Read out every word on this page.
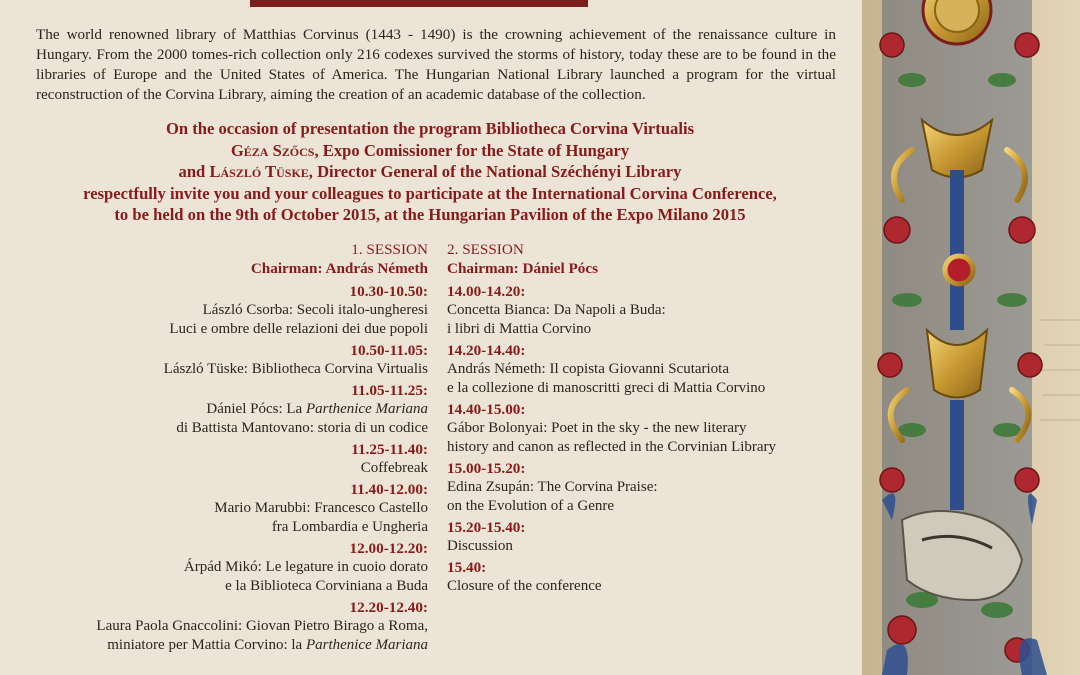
The world renowned library of Matthias Corvinus (1443 - 1490) is the crowning achievement of the renaissance culture in Hungary. From the 2000 tomes-rich collection only 216 codexes survived the storms of history, today these are to be found in the libraries of Europe and the United States of America. The Hungarian National Library launched a program for the virtual reconstruction of the Corvina Library, aiming the creation of an academic database of the collection.

On the occasion of presentation the program Bibliotheca Corvina Virtualis
Géza Szőcs, Expo Comissioner for the State of Hungary
and László Tüske, Director General of the National Széchényi Library
respectfully invite you and your colleagues to participate at the International Corvina Conference,
to be held on the 9th of October 2015, at the Hungarian Pavilion of the Expo Milano 2015
1. SESSION
Chairman: András Németh
10.30-10.50:
László Csorba: Secoli italo-ungheresi
Luci e ombre delle relazioni dei due popoli
10.50-11.05:
László Tüske: Bibliotheca Corvina Virtualis
11.05-11.25:
Dániel Pócs: La Parthenice Mariana
di Battista Mantovano: storia di un codice
11.25-11.40:
Coffebreak
11.40-12.00:
Mario Marubbi: Francesco Castello
fra Lombardia e Ungheria
12.00-12.20:
Árpád Mikó: Le legature in cuoio dorato
e la Biblioteca Corviniana a Buda
12.20-12.40:
Laura Paola Gnaccolini: Giovan Pietro Birago a Roma,
miniatore per Mattia Corvino: la Parthenice Mariana
2. SESSION
Chairman: Dániel Pócs
14.00-14.20:
Concetta Bianca: Da Napoli a Buda:
i libri di Mattia Corvino
14.20-14.40:
András Németh: Il copista Giovanni Scutariota
e la collezione di manoscritti greci di Mattia Corvino
14.40-15.00:
Gábor Bolonyai: Poet in the sky - the new literary
history and canon as reflected in the Corvinian Library
15.00-15.20:
Edina Zsupán: The Corvina Praise:
on the Evolution of a Genre
15.20-15.40:
Discussion
15.40:
Closure of the conference
